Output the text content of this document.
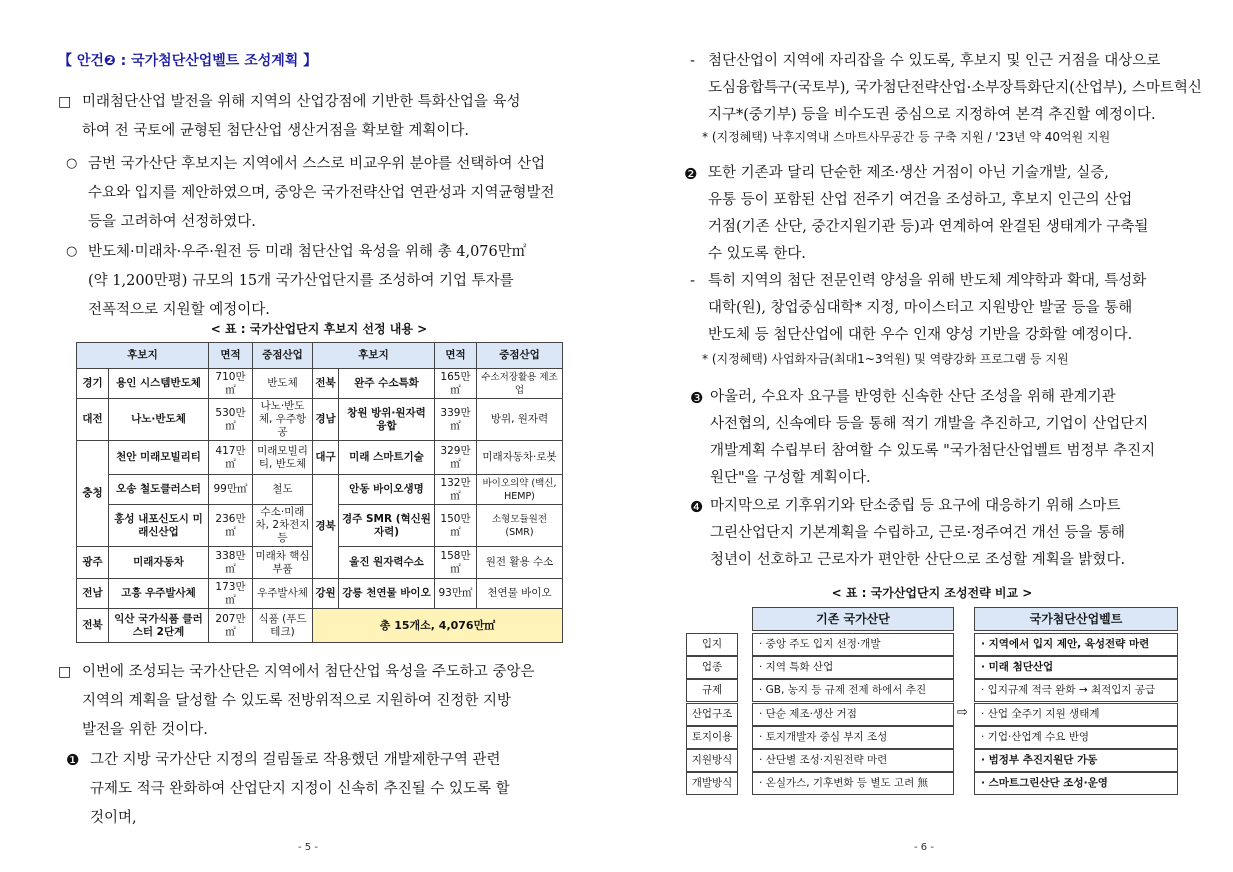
【 안건❷ : 국가첨단산업벨트 조성계획 】
□ 미래첨단산업 발전을 위해 지역의 산업강점에 기반한 특화산업을 육성
하여 전 국토에 균형된 첨단산업 생산거점을 확보할 계획이다.
○ 금번 국가산단 후보지는 지역에서 스스로 비교우위 분야를 선택하여 산업
수요와 입지를 제안하였으며, 중앙은 국가전략산업 연관성과 지역균형발전
등을 고려하여 선정하였다.
○ 반도체·미래차·우주·원전 등 미래 첨단산업 육성을 위해 총 4,076만㎡
(약 1,200만평) 규모의 15개 국가산업단지를 조성하여 기업 투자를
전폭적으로 지원할 예정이다.
< 표 : 국가산업단지 후보지 선정 내용 >
후보지		면적	중점산업	후보지		면적	중점산업
경기	용인 시스템반도체	710만㎡	반도체	전북	완주 수소특화	165만㎡	수소저장활용 제조업
대전	나노·반도체	530만㎡	나노·반도체, 우주항공	경남	창원 방위·원자력 융합	339만㎡	방위, 원자력
충청	천안 미래모빌리티	417만㎡	미래모빌리티, 반도체	대구	미래 스마트기술	329만㎡	미래자동차·로봇
	오송 철도클러스터	99만㎡	철도	경북	안동 바이오생명	132만㎡	바이오의약 (백신, HEMP)
	홍성 내포신도시 미래신산업	236만㎡	수소·미래차, 2차전지 등		경주 SMR (혁신원자력)	150만㎡	소형모듈원전 (SMR)
광주	미래자동차	338만㎡	미래차 핵심부품		울진 원자력수소	158만㎡	원전 활용 수소
전남	고흥 우주발사체	173만㎡	우주발사체	강원	강릉 천연물 바이오	93만㎡	천연물 바이오
전북	익산 국가식품 클러스터 2단계	207만㎡	식품 (푸드테크)	총 15개소, 4,076만㎡			
□ 이번에 조성되는 국가산단은 지역에서 첨단산업 육성을 주도하고 중앙은
지역의 계획을 달성할 수 있도록 전방위적으로 지원하여 진정한 지방
발전을 위한 것이다.
❶ 그간 지방 국가산단 지정의 걸림돌로 작용했던 개발제한구역 관련
규제도 적극 완화하여 산업단지 지정이 신속히 추진될 수 있도록 할
것이며,
- 5 -
- 첨단산업이 지역에 자리잡을 수 있도록, 후보지 및 인근 거점을 대상으로
도심융합특구(국토부), 국가첨단전략산업·소부장특화단지(산업부), 스마트혁신
지구*(중기부) 등을 비수도권 중심으로 지정하여 본격 추진할 예정이다.
* (지정혜택) 낙후지역내 스마트사무공간 등 구축 지원 / '23년 약 40억원 지원
❷ 또한 기존과 달리 단순한 제조·생산 거점이 아닌 기술개발, 실증,
유통 등이 포함된 산업 전주기 여건을 조성하고, 후보지 인근의 산업
거점(기존 산단, 중간지원기관 등)과 연계하여 완결된 생태계가 구축될
수 있도록 한다.
- 특히 지역의 첨단 전문인력 양성을 위해 반도체 계약학과 확대, 특성화
대학(원), 창업중심대학* 지정, 마이스터고 지원방안 발굴 등을 통해
반도체 등 첨단산업에 대한 우수 인재 양성 기반을 강화할 예정이다.
* (지정혜택) 사업화자금(최대1~3억원) 및 역량강화 프로그램 등 지원
❸ 아울러, 수요자 요구를 반영한 신속한 산단 조성을 위해 관계기관
사전협의, 신속예타 등을 통해 적기 개발을 추진하고, 기업이 산업단지
개발계획 수립부터 참여할 수 있도록 "국가첨단산업벨트 범정부 추진지
원단"을 구성할 계획이다.
❹ 마지막으로 기후위기와 탄소중립 등 요구에 대응하기 위해 스마트
그린산업단지 기본계획을 수립하고, 근로·정주여건 개선 등을 통해
청년이 선호하고 근로자가 편안한 산단으로 조성할 계획을 밝혔다.
< 표 : 국가산업단지 조성전략 비교 >
기존 국가산단	국가첨단산업벨트
입지	· 중앙 주도 입지 선정·개발	· 지역에서 입지 제안, 육성전략 마련
업종	· 지역 특화 산업	· 미래 첨단산업
규제	· GB, 농지 등 규제 전제 하에서 추진	· 입지규제 적극 완화 → 최적입지 공급
산업구조	· 단순 제조·생산 거점	· 산업 全주기 지원 생태계
토지이용	· 토지개발자 중심 부지 조성	· 기업·산업계 수요 반영
지원방식	· 산단별 조성·지원전략 마련	· 범정부 추진지원단 가동
개발방식	· 온실가스, 기후변화 등 별도 고려 無	· 스마트그린산단 조성·운영
⇨
- 6 -
